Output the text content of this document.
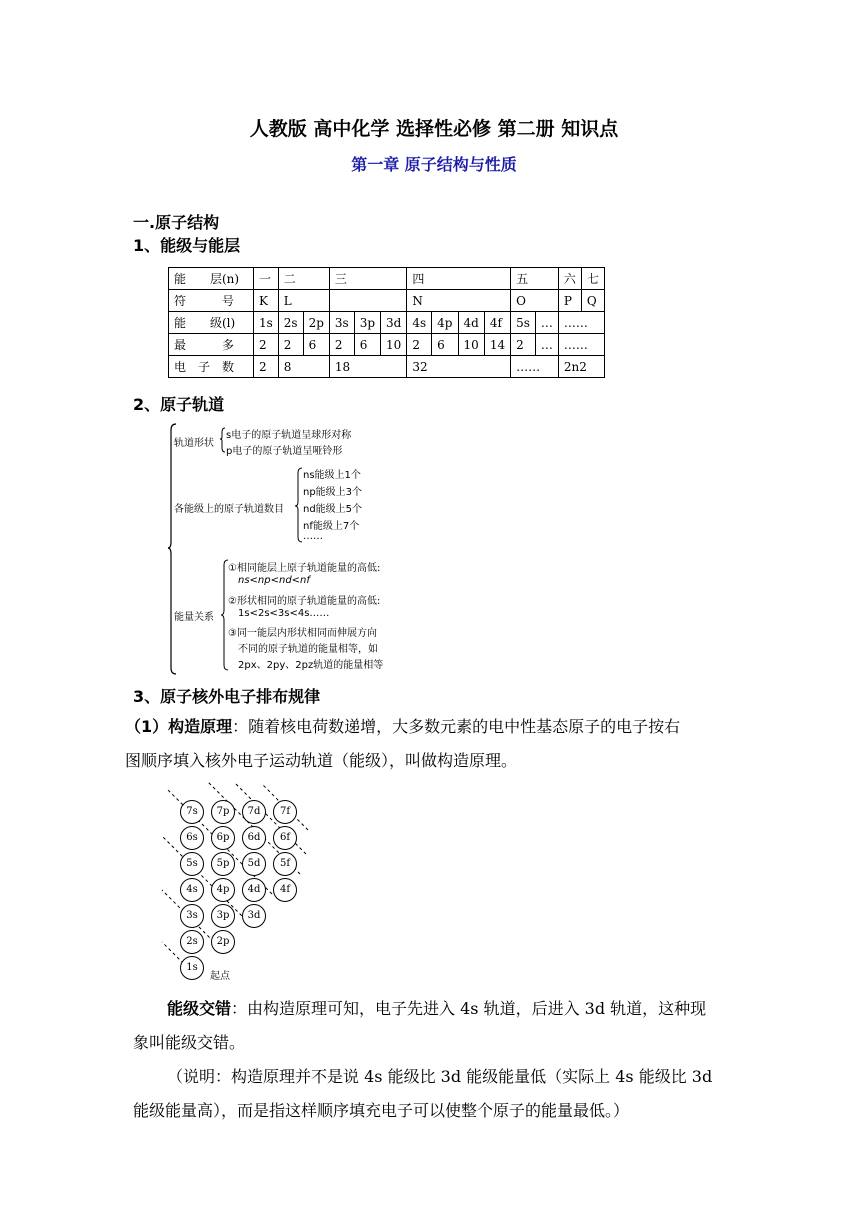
人教版 高中化学 选择性必修 第二册 知识点
第一章 原子结构与性质
一.原子结构
1、能级与能层
能　　层(n)	一	二		三			四				五		六	七
符　　　号	K	L					N				O		P	Q
能　　级(l)	1s	2s	2p	3s	3p	3d	4s	4p	4d	4f	5s	…	……	
最　　　多	2	2	6	2	6	10	2	6	10	14	2	…	……	
电　子　数	2	8		18			32				……		2n2	
2、原子轨道
轨道形状
s电子的原子轨道呈球形对称
p电子的原子轨道呈哑铃形
各能级上的原子轨道数目
ns能级上1个
np能级上3个
nd能级上5个
nf能级上7个
……
能量关系
①相同能层上原子轨道能量的高低:
ns<np<nd<nf
②形状相同的原子轨道能量的高低:
1s<2s<3s<4s……
③同一能层内形状相同而伸展方向
不同的原子轨道的能量相等，如
2px、2py、2pz轨道的能量相等
3、原子核外电子排布规律
（1）构造原理：随着核电荷数递增，大多数元素的电中性基态原子的电子按右
图顺序填入核外电子运动轨道（能级），叫做构造原理。
7s	7p	7d	7f
6s	6p	6d	6f
5s	5p	5d	5f
4s	4p	4d	4f
3s	3p	3d
2s	2p
1s
起点
能级交错：由构造原理可知，电子先进入 4s 轨道，后进入 3d 轨道，这种现
象叫能级交错。
（说明：构造原理并不是说 4s 能级比 3d 能级能量低（实际上 4s 能级比 3d
能级能量高），而是指这样顺序填充电子可以使整个原子的能量最低。）
